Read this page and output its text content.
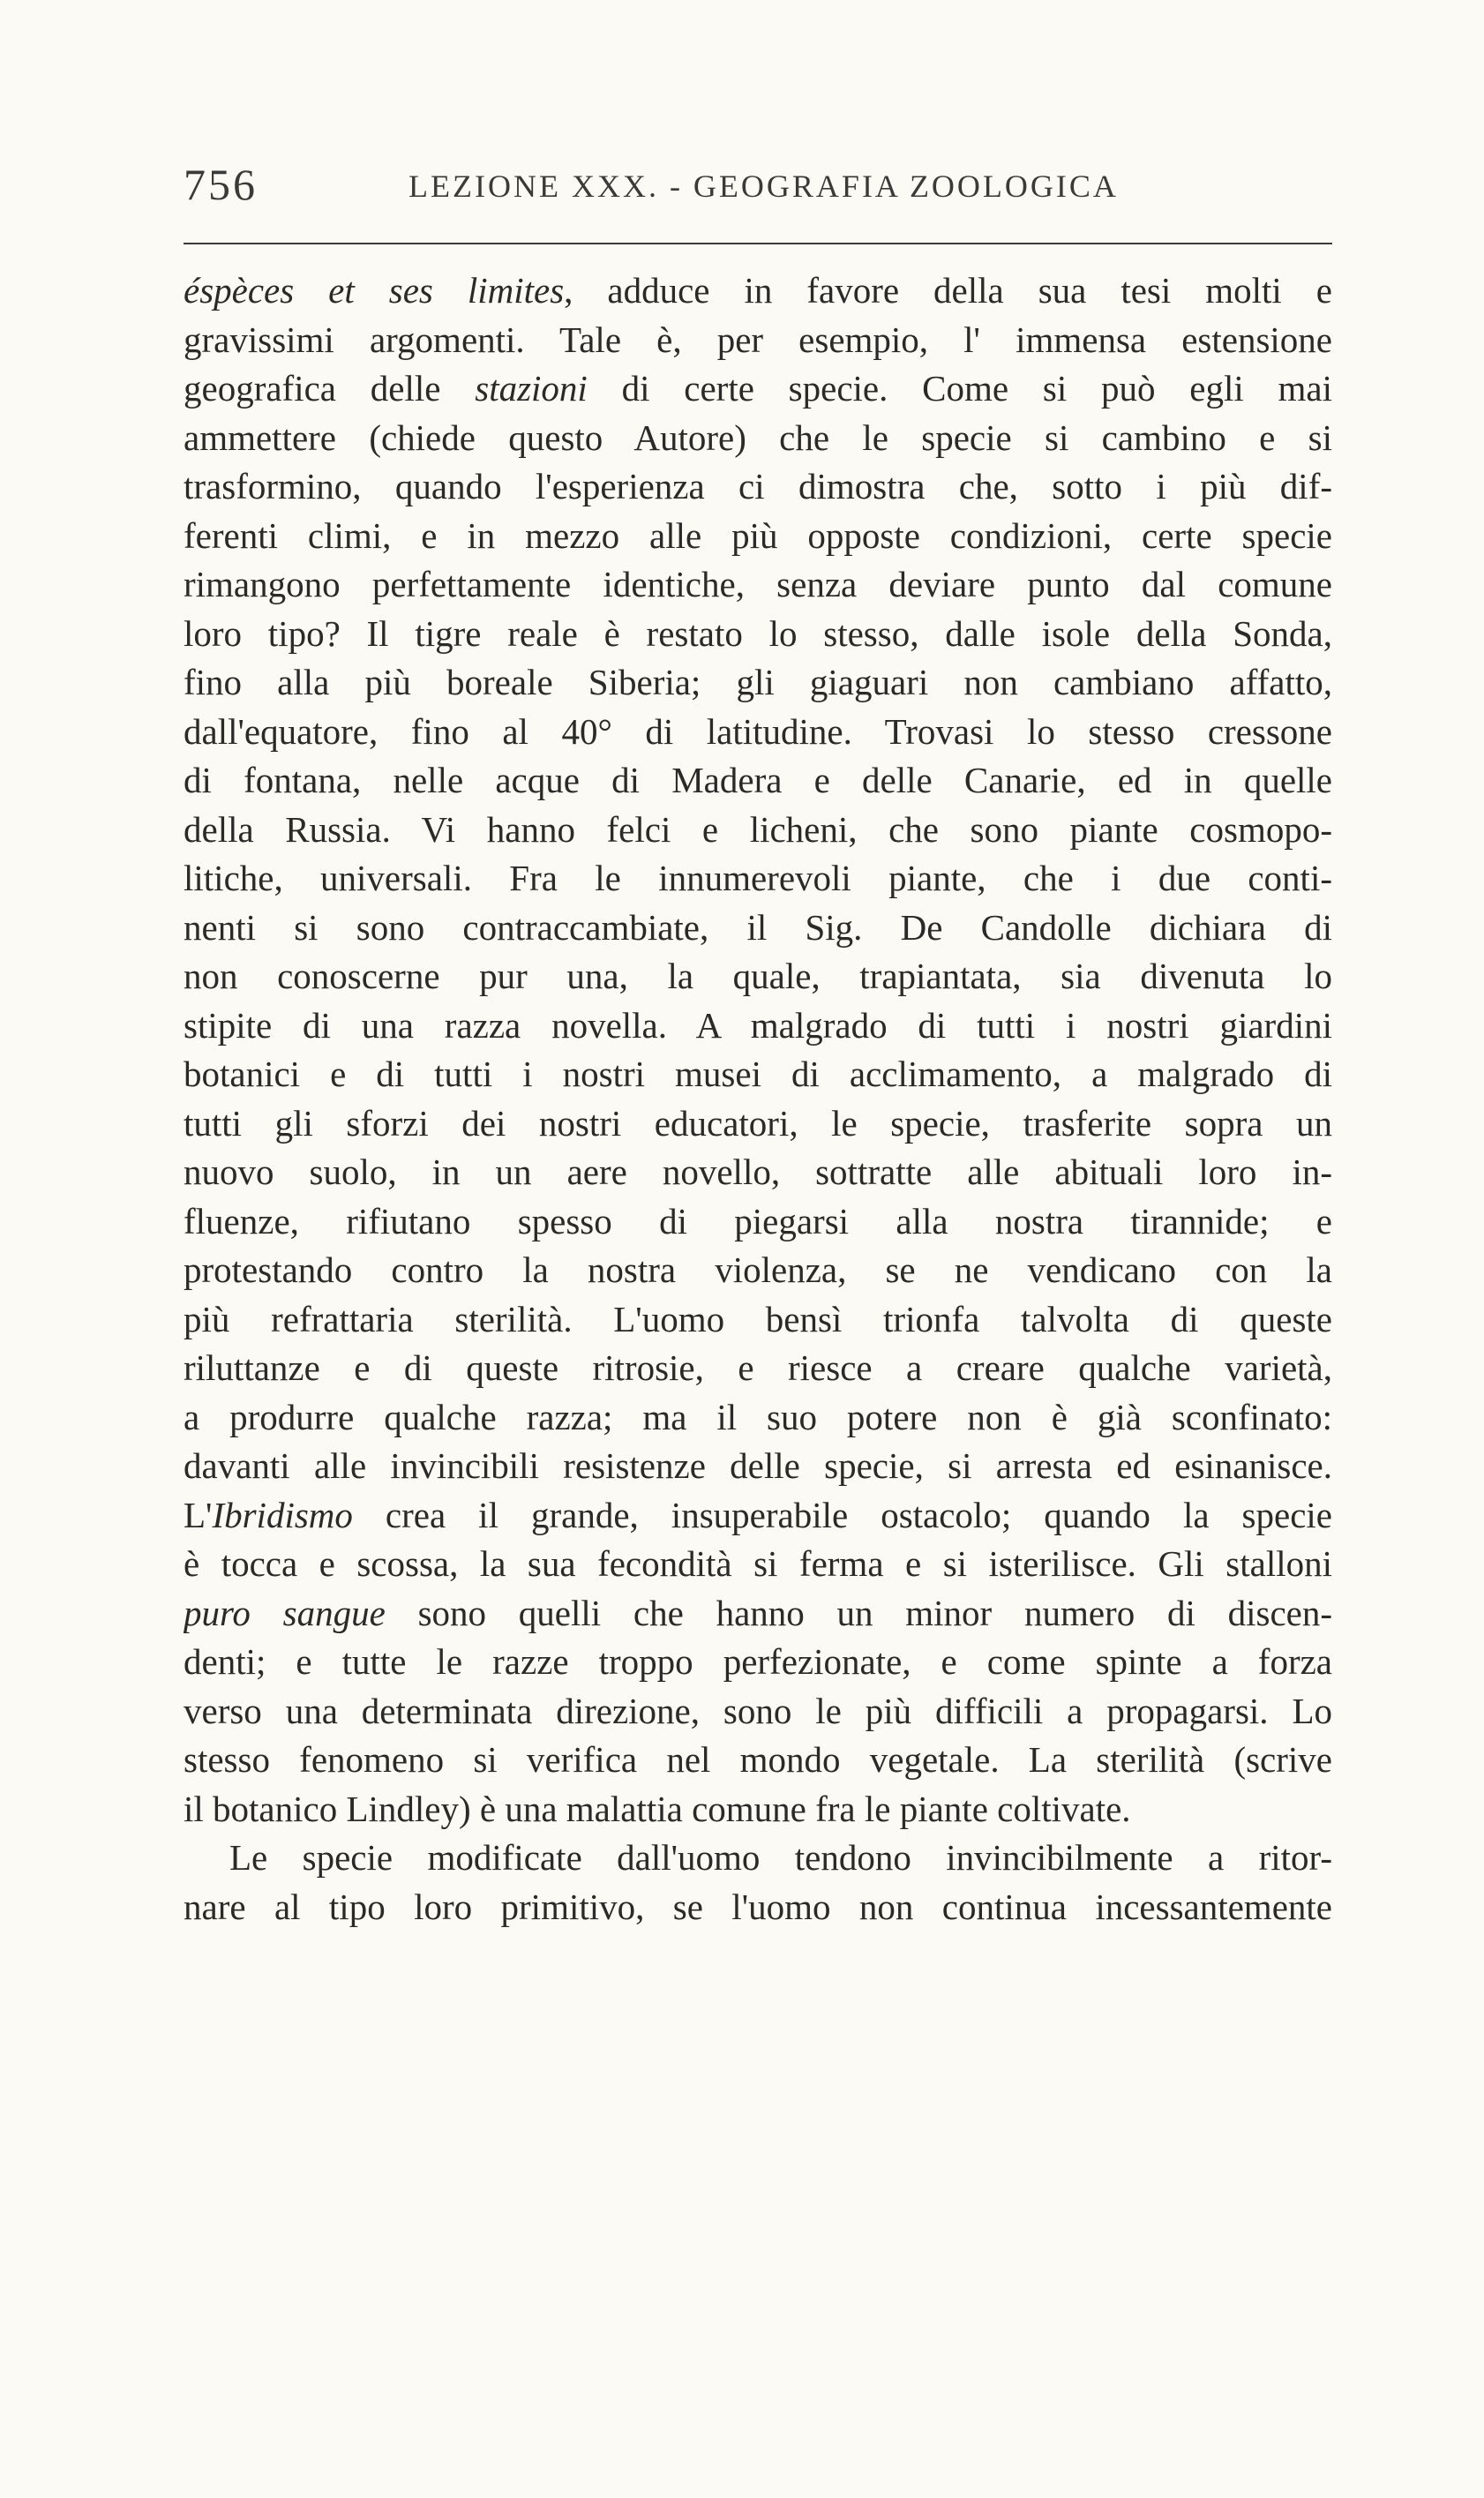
756	LEZIONE XXX. - GEOGRAFIA ZOOLOGICA
éspèces et ses limites, adduce in favore della sua tesi molti e
gravissimi argomenti. Tale è, per esempio, l' immensa estensione
geografica delle stazioni di certe specie. Come si può egli mai
ammettere (chiede questo Autore) che le specie si cambino e si
trasformino, quando l'esperienza ci dimostra che, sotto i più dif-
ferenti climi, e in mezzo alle più opposte condizioni, certe specie
rimangono perfettamente identiche, senza deviare punto dal comune
loro tipo? Il tigre reale è restato lo stesso, dalle isole della Sonda,
fino alla più boreale Siberia; gli giaguari non cambiano affatto,
dall'equatore, fino al 40° di latitudine. Trovasi lo stesso cressone
di fontana, nelle acque di Madera e delle Canarie, ed in quelle
della Russia. Vi hanno felci e licheni, che sono piante cosmopo-
litiche, universali. Fra le innumerevoli piante, che i due conti-
nenti si sono contraccambiate, il Sig. De Candolle dichiara di
non conoscerne pur una, la quale, trapiantata, sia divenuta lo
stipite di una razza novella. A malgrado di tutti i nostri giardini
botanici e di tutti i nostri musei di acclimamento, a malgrado di
tutti gli sforzi dei nostri educatori, le specie, trasferite sopra un
nuovo suolo, in un aere novello, sottratte alle abituali loro in-
fluenze, rifiutano spesso di piegarsi alla nostra tirannide; e
protestando contro la nostra violenza, se ne vendicano con la
più refrattaria sterilità. L'uomo bensì trionfa talvolta di queste
riluttanze e di queste ritrosie, e riesce a creare qualche varietà,
a produrre qualche razza; ma il suo potere non è già sconfinato:
davanti alle invincibili resistenze delle specie, si arresta ed esinanisce.
L'Ibridismo crea il grande, insuperabile ostacolo; quando la specie
è tocca e scossa, la sua fecondità si ferma e si isterilisce. Gli stalloni
puro sangue sono quelli che hanno un minor numero di discen-
denti; e tutte le razze troppo perfezionate, e come spinte a forza
verso una determinata direzione, sono le più difficili a propagarsi. Lo
stesso fenomeno si verifica nel mondo vegetale. La sterilità (scrive
il botanico Lindley) è una malattia comune fra le piante coltivate.
Le specie modificate dall'uomo tendono invincibilmente a ritor-
nare al tipo loro primitivo, se l'uomo non continua incessantemente
